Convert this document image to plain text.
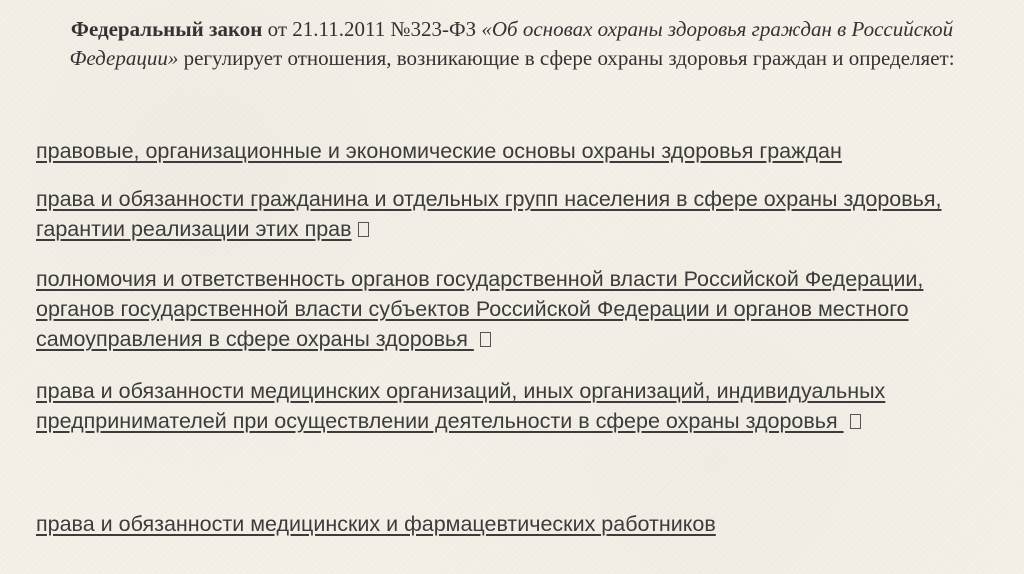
Федеральный закон от 21.11.2011 №323-ФЗ «Об основах охраны здоровья граждан в Российской Федерации» регулирует отношения, возникающие в сфере охраны здоровья граждан и определяет:
правовые, организационные и экономические основы охраны здоровья граждан
права и обязанности гражданина и отдельных групп населения в сфере охраны здоровья, гарантии реализации этих прав
полномочия и ответственность органов государственной власти Российской Федерации, органов государственной власти субъектов Российской Федерации и органов местного самоуправления в сфере охраны здоровья
права и обязанности медицинских организаций, иных организаций, индивидуальных предпринимателей при осуществлении деятельности в сфере охраны здоровья
права и обязанности медицинских и фармацевтических работников
